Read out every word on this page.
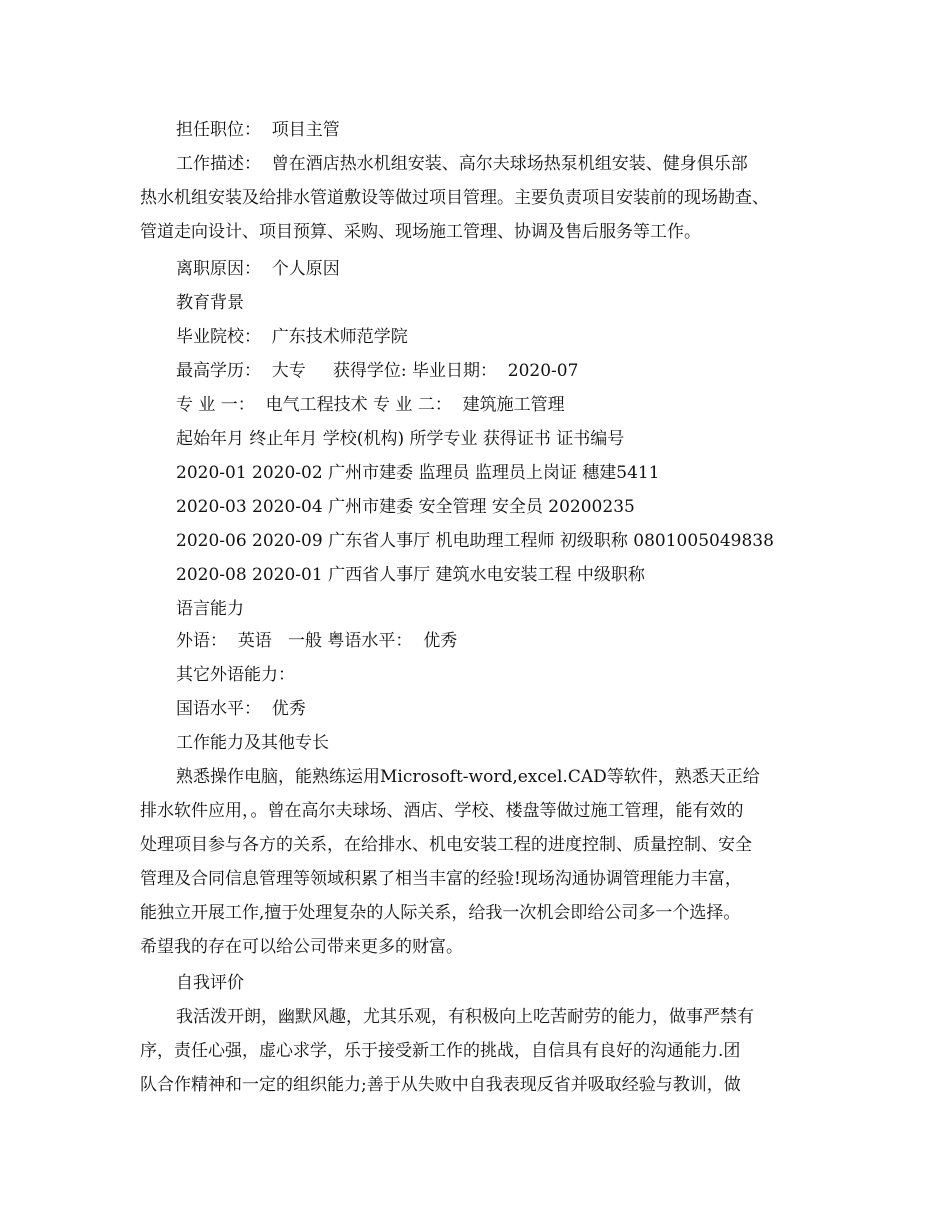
担任职位：  项目主管
工作描述：  曾在酒店热水机组安装、高尔夫球场热泵机组安装、健身俱乐部
热水机组安装及给排水管道敷设等做过项目管理。主要负责项目安装前的现场勘查、
管道走向设计、项目预算、采购、现场施工管理、协调及售后服务等工作。
离职原因：  个人原因
教育背景
毕业院校：  广东技术师范学院
最高学历：  大专     获得学位: 毕业日期：  2020-07
专 业 一：  电气工程技术 专 业 二：  建筑施工管理
起始年月 终止年月 学校(机构) 所学专业 获得证书 证书编号
2020-01 2020-02 广州市建委 监理员 监理员上岗证 穗建5411
2020-03 2020-04 广州市建委 安全管理 安全员 20200235
2020-06 2020-09 广东省人事厅 机电助理工程师 初级职称 0801005049838
2020-08 2020-01 广西省人事厅 建筑水电安装工程 中级职称
语言能力
外语：  英语   一般 粤语水平：  优秀
其它外语能力：
国语水平：  优秀
工作能力及其他专长
熟悉操作电脑，能熟练运用Microsoft-word,excel.CAD等软件，熟悉天正给
排水软件应用，。曾在高尔夫球场、酒店、学校、楼盘等做过施工管理，能有效的
处理项目参与各方的关系，在给排水、机电安装工程的进度控制、质量控制、安全
管理及合同信息管理等领域积累了相当丰富的经验!现场沟通协调管理能力丰富，
能独立开展工作,擅于处理复杂的人际关系，给我一次机会即给公司多一个选择。
希望我的存在可以给公司带来更多的财富。
自我评价
我活泼开朗，幽默风趣，尤其乐观，有积极向上吃苦耐劳的能力，做事严禁有
序，责任心强，虚心求学，乐于接受新工作的挑战，自信具有良好的沟通能力.团
队合作精神和一定的组织能力;善于从失败中自我表现反省并吸取经验与教训，做
